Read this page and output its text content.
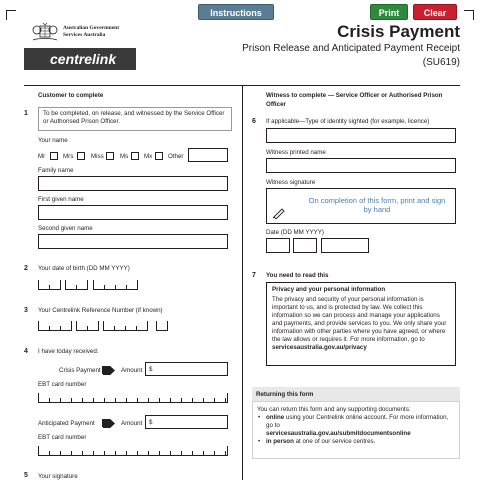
Instructions	Print	Clear
Australian Government
Services Australia
centrelink
Crisis Payment
Prison Release and Anticipated Payment Receipt
(SU619)
Customer to complete
1	To be completed, on release, and witnessed by the Service Officer or Authorised Prison Officer.
Your name
Mr	Mrs	Miss	Ms	Mx	Other
Family name
First given name
Second given name
2 Your date of birth (DD MM YYYY)
3 Your Centrelink Reference Number (if known)
4 I have today received:
Crisis Payment	Amount $
EBT card number
Anticipated Payment	Amount $
EBT card number
5 Your signature
Witness to complete — Service Officer or Authorised Prison Officer
6 If applicable—Type of identity sighted (for example, licence)
Witness printed name
Witness signature
On completion of this form, print and sign by hand
Date (DD MM YYYY)
7 You need to read this
Privacy and your personal information
The privacy and security of your personal information is important to us, and is protected by law. We collect this information so we can process and manage your applications and payments, and provide services to you. We only share your information with other parties where you have agreed, or where the law allows or requires it. For more information, go to servicesaustralia.gov.au/privacy
Returning this form
You can return this form and any supporting documents:
• online using your Centrelink online account. For more information, go to
servicesaustralia.gov.au/submitdocumentsonline
• in person at one of our service centres.
